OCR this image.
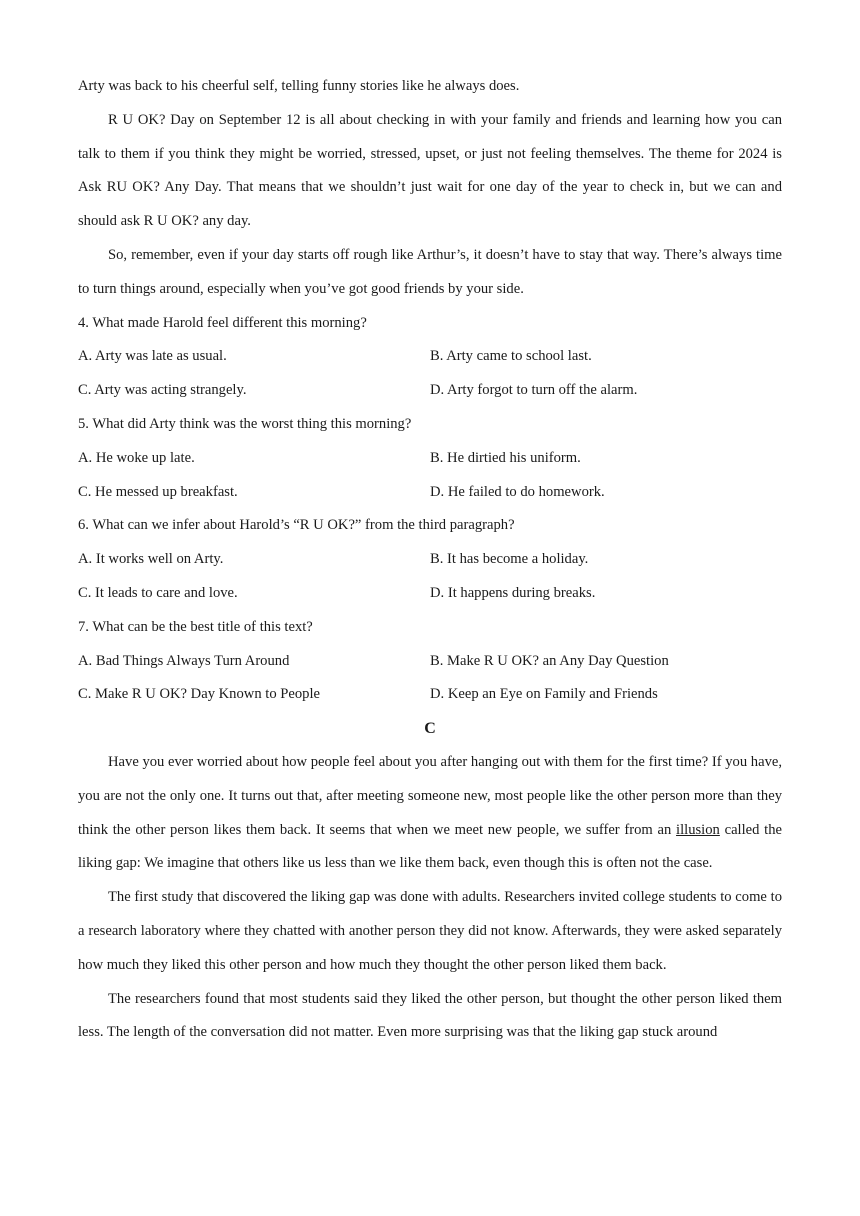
Arty was back to his cheerful self, telling funny stories like he always does.

R U OK? Day on September 12 is all about checking in with your family and friends and learning how you can talk to them if you think they might be worried, stressed, upset, or just not feeling themselves. The theme for 2024 is Ask RU OK? Any Day. That means that we shouldn’t just wait for one day of the year to check in, but we can and should ask R U OK? any day.

So, remember, even if your day starts off rough like Arthur’s, it doesn’t have to stay that way. There’s always time to turn things around, especially when you’ve got good friends by your side.

4. What made Harold feel different this morning?
A. Arty was late as usual.	B. Arty came to school last.
C. Arty was acting strangely.	D. Arty forgot to turn off the alarm.
5. What did Arty think was the worst thing this morning?
A. He woke up late.	B. He dirtied his uniform.
C. He messed up breakfast.	D. He failed to do homework.
6. What can we infer about Harold’s “R U OK?” from the third paragraph?
A. It works well on Arty.	B. It has become a holiday.
C. It leads to care and love.	D. It happens during breaks.
7. What can be the best title of this text?
A. Bad Things Always Turn Around	B. Make R U OK? an Any Day Question
C. Make R U OK? Day Known to People	D. Keep an Eye on Family and Friends
C

Have you ever worried about how people feel about you after hanging out with them for the first time? If you have, you are not the only one. It turns out that, after meeting someone new, most people like the other person more than they think the other person likes them back. It seems that when we meet new people, we suffer from an illusion called the liking gap: We imagine that others like us less than we like them back, even though this is often not the case.

The first study that discovered the liking gap was done with adults. Researchers invited college students to come to a research laboratory where they chatted with another person they did not know. Afterwards, they were asked separately how much they liked this other person and how much they thought the other person liked them back.

The researchers found that most students said they liked the other person, but thought the other person liked them less. The length of the conversation did not matter. Even more surprising was that the liking gap stuck around
